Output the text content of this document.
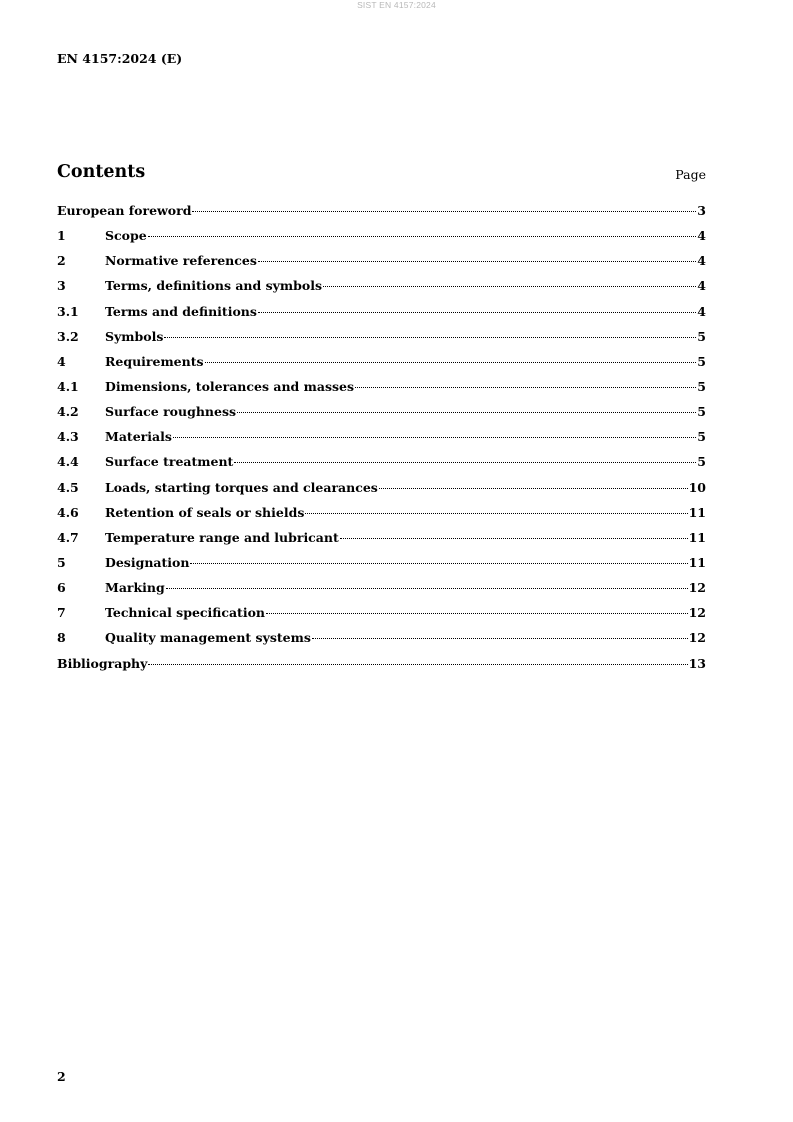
SIST EN 4157:2024
EN 4157:2024 (E)
Contents	Page
European foreword	3
1	Scope	4
2	Normative references	4
3	Terms, definitions and symbols	4
3.1	Terms and definitions	4
3.2	Symbols	5
4	Requirements	5
4.1	Dimensions, tolerances and masses	5
4.2	Surface roughness	5
4.3	Materials	5
4.4	Surface treatment	5
4.5	Loads, starting torques and clearances	10
4.6	Retention of seals or shields	11
4.7	Temperature range and lubricant	11
5	Designation	11
6	Marking	12
7	Technical specification	12
8	Quality management systems	12
Bibliography	13
2
